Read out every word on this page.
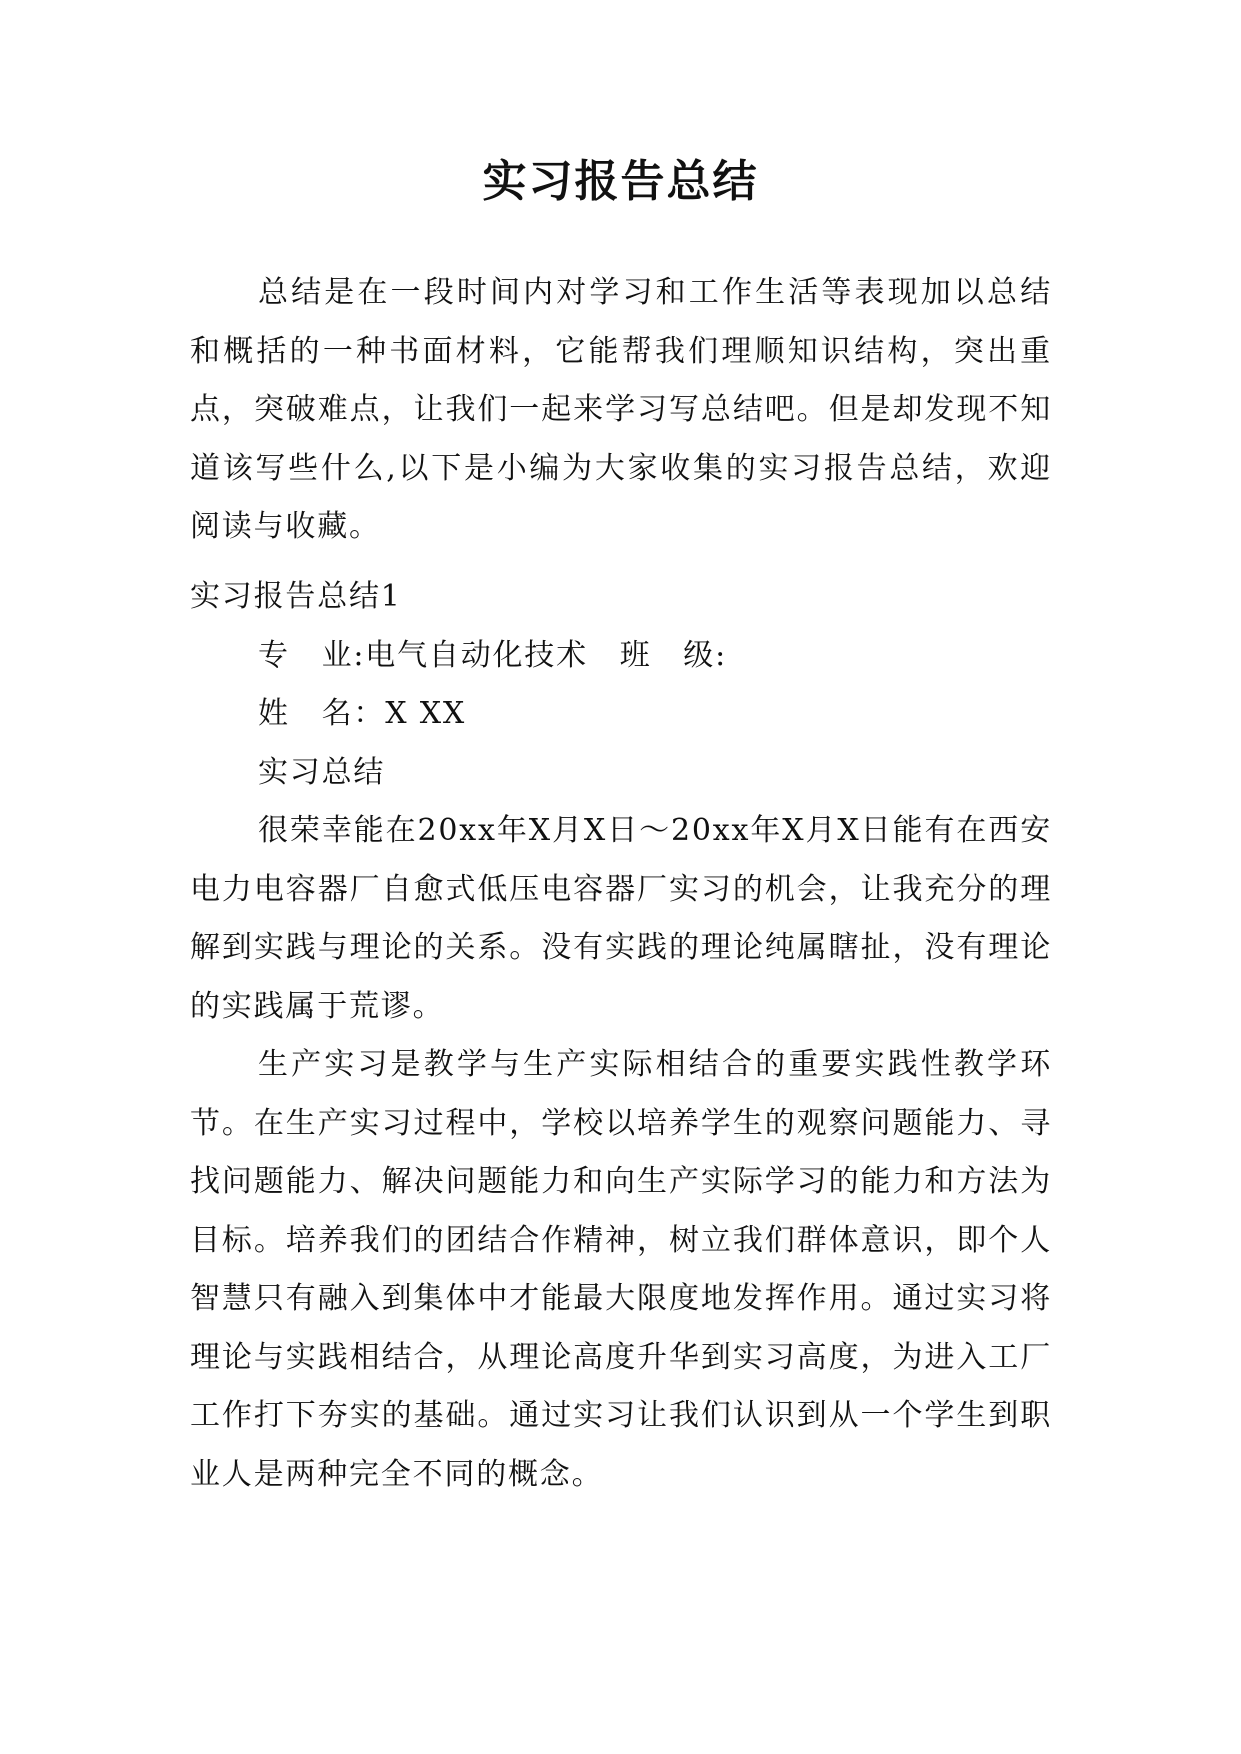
实习报告总结

总结是在一段时间内对学习和工作生活等表现加以总结和概括的一种书面材料，它能帮我们理顺知识结构，突出重点，突破难点，让我们一起来学习写总结吧。但是却发现不知道该写些什么,以下是小编为大家收集的实习报告总结，欢迎阅读与收藏。

实习报告总结1

专　业:电气自动化技术　班　级:

姓　名：X XX

实习总结

很荣幸能在20xx年X月X日～20xx年X月X日能有在西安电力电容器厂自愈式低压电容器厂实习的机会，让我充分的理解到实践与理论的关系。没有实践的理论纯属瞎扯，没有理论的实践属于荒谬。

生产实习是教学与生产实际相结合的重要实践性教学环节。在生产实习过程中，学校以培养学生的观察问题能力、寻找问题能力、解决问题能力和向生产实际学习的能力和方法为目标。培养我们的团结合作精神，树立我们群体意识，即个人智慧只有融入到集体中才能最大限度地发挥作用。通过实习将理论与实践相结合，从理论高度升华到实习高度，为进入工厂工作打下夯实的基础。通过实习让我们认识到从一个学生到职业人是两种完全不同的概念。
